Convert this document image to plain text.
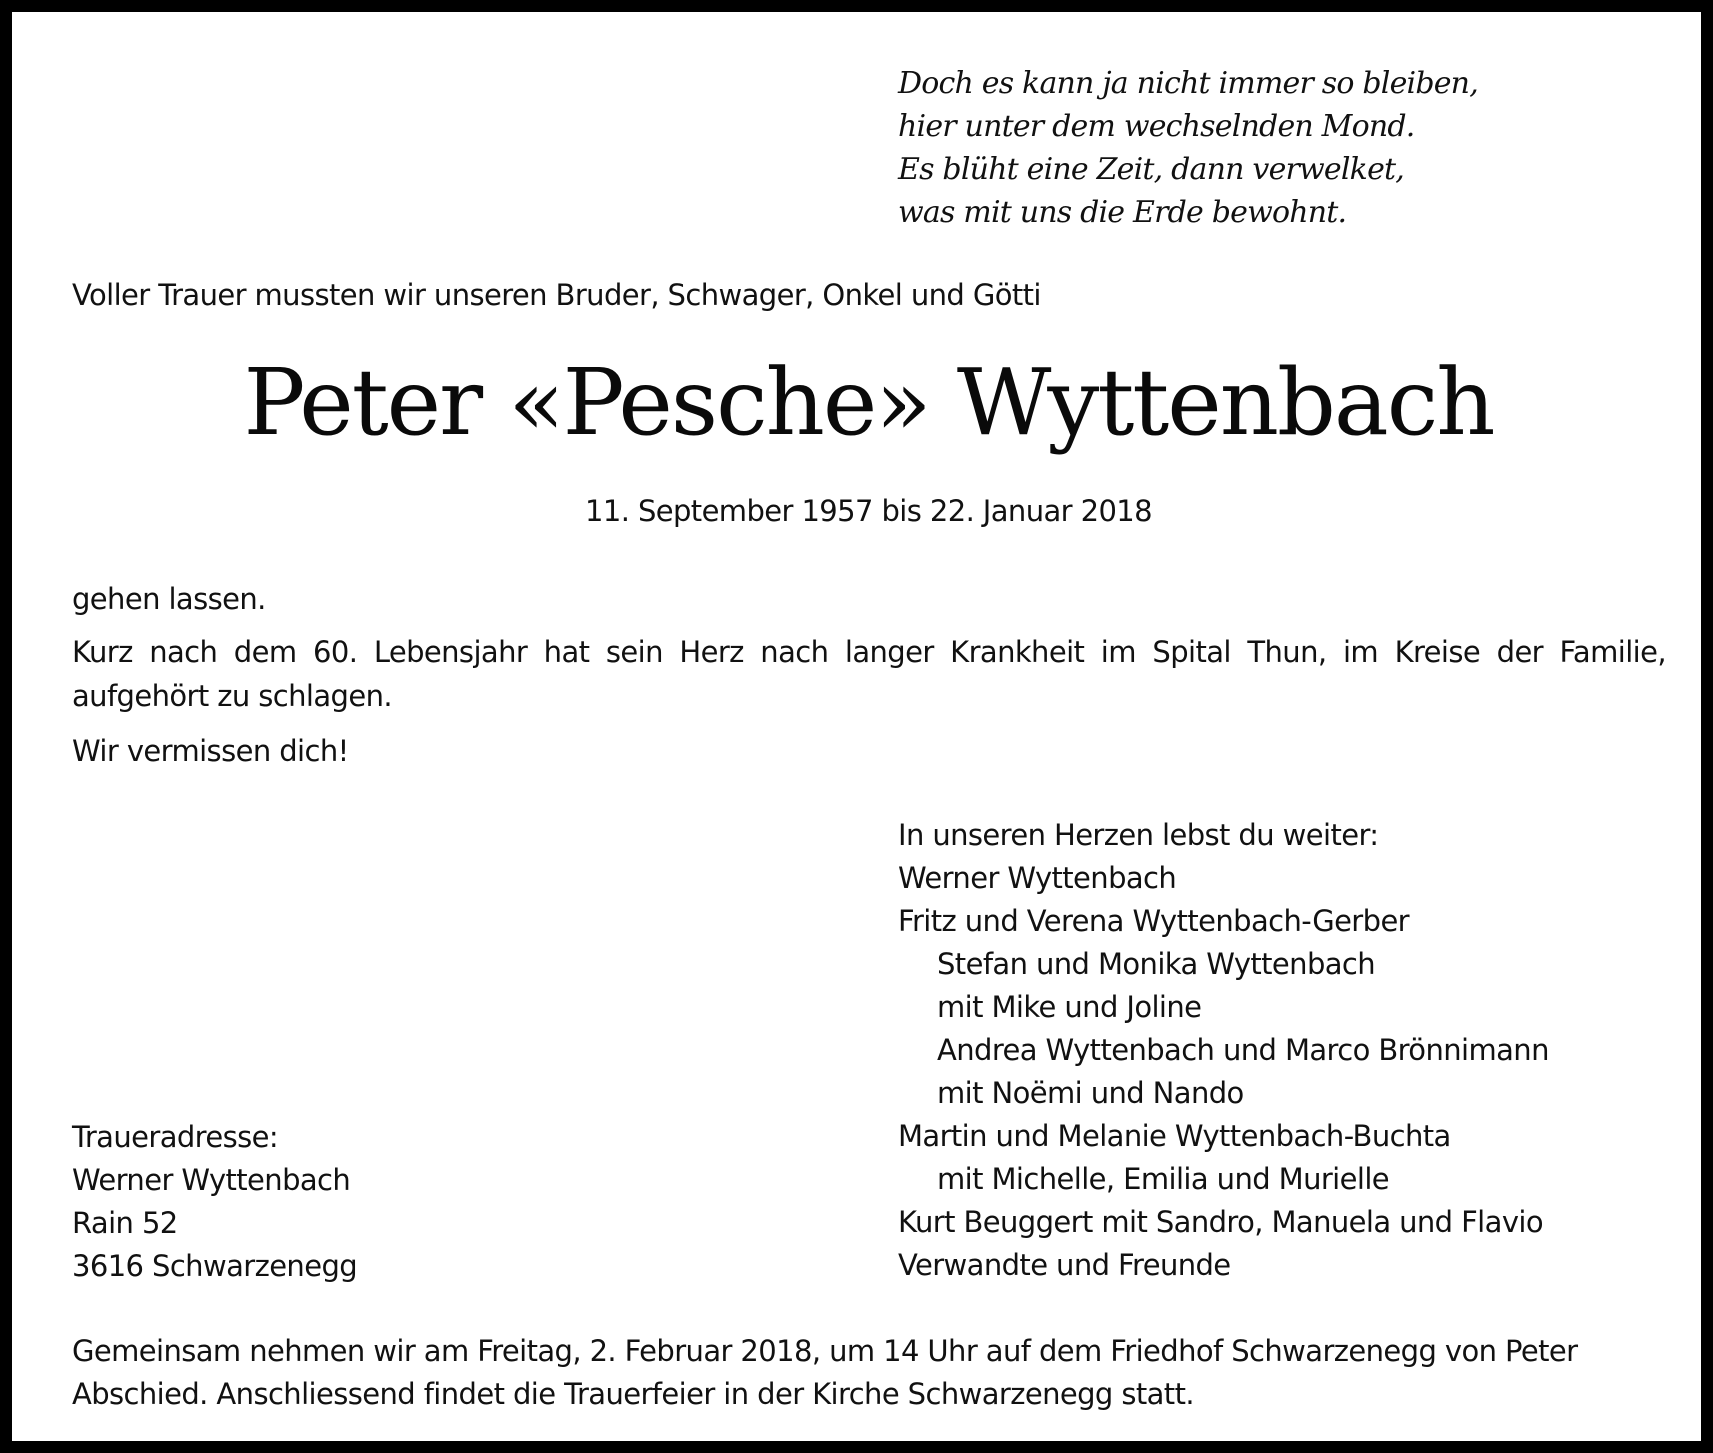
Doch es kann ja nicht immer so bleiben,
hier unter dem wechselnden Mond.
Es blüht eine Zeit, dann verwelket,
was mit uns die Erde bewohnt.
Voller Trauer mussten wir unseren Bruder, Schwager, Onkel und Götti
Peter «Pesche» Wyttenbach
11. September 1957 bis 22. Januar 2018
gehen lassen.
Kurz nach dem 60. Lebensjahr hat sein Herz nach langer Krankheit im Spital Thun, im Kreise der Familie, aufgehört zu schlagen.
Wir vermissen dich!
In unseren Herzen lebst du weiter:
Werner Wyttenbach
Fritz und Verena Wyttenbach-Gerber
Stefan und Monika Wyttenbach
mit Mike und Joline
Andrea Wyttenbach und Marco Brönnimann
mit Noëmi und Nando
Martin und Melanie Wyttenbach-Buchta
mit Michelle, Emilia und Murielle
Kurt Beuggert mit Sandro, Manuela und Flavio
Verwandte und Freunde
Traueradresse:
Werner Wyttenbach
Rain 52
3616 Schwarzenegg
Gemeinsam nehmen wir am Freitag, 2. Februar 2018, um 14 Uhr auf dem Friedhof Schwarzenegg von Peter
Abschied. Anschliessend findet die Trauerfeier in der Kirche Schwarzenegg statt.
